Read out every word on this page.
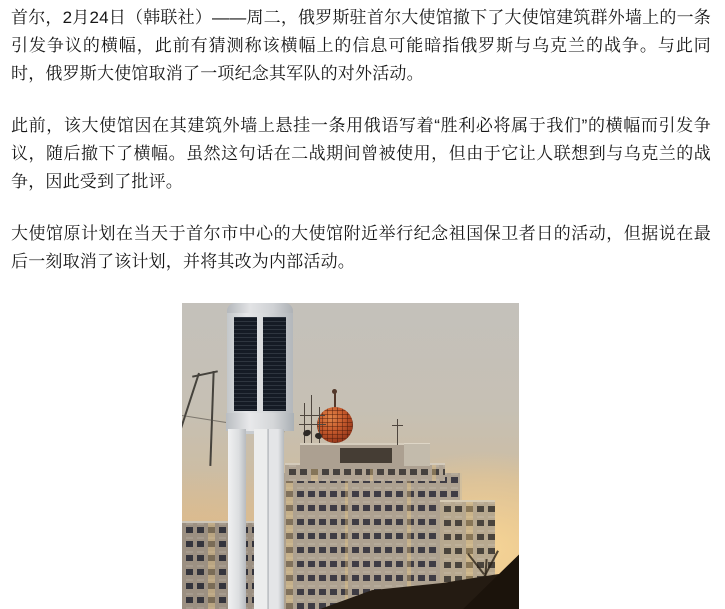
首尔，2月24日（韩联社）——周二，俄罗斯驻首尔大使馆撤下了大使馆建筑群外墙上的一条引发争议的横幅，此前有猜测称该横幅上的信息可能暗指俄罗斯与乌克兰的战争。与此同时，俄罗斯大使馆取消了一项纪念其军队的对外活动。

此前，该大使馆因在其建筑外墙上悬挂一条用俄语写着“胜利必将属于我们”的横幅而引发争议，随后撤下了横幅。虽然这句话在二战期间曾被使用，但由于它让人联想到与乌克兰的战争，因此受到了批评。

大使馆原计划在当天于首尔市中心的大使馆附近举行纪念祖国保卫者日的活动，但据说在最后一刻取消了该计划，并将其改为内部活动。
